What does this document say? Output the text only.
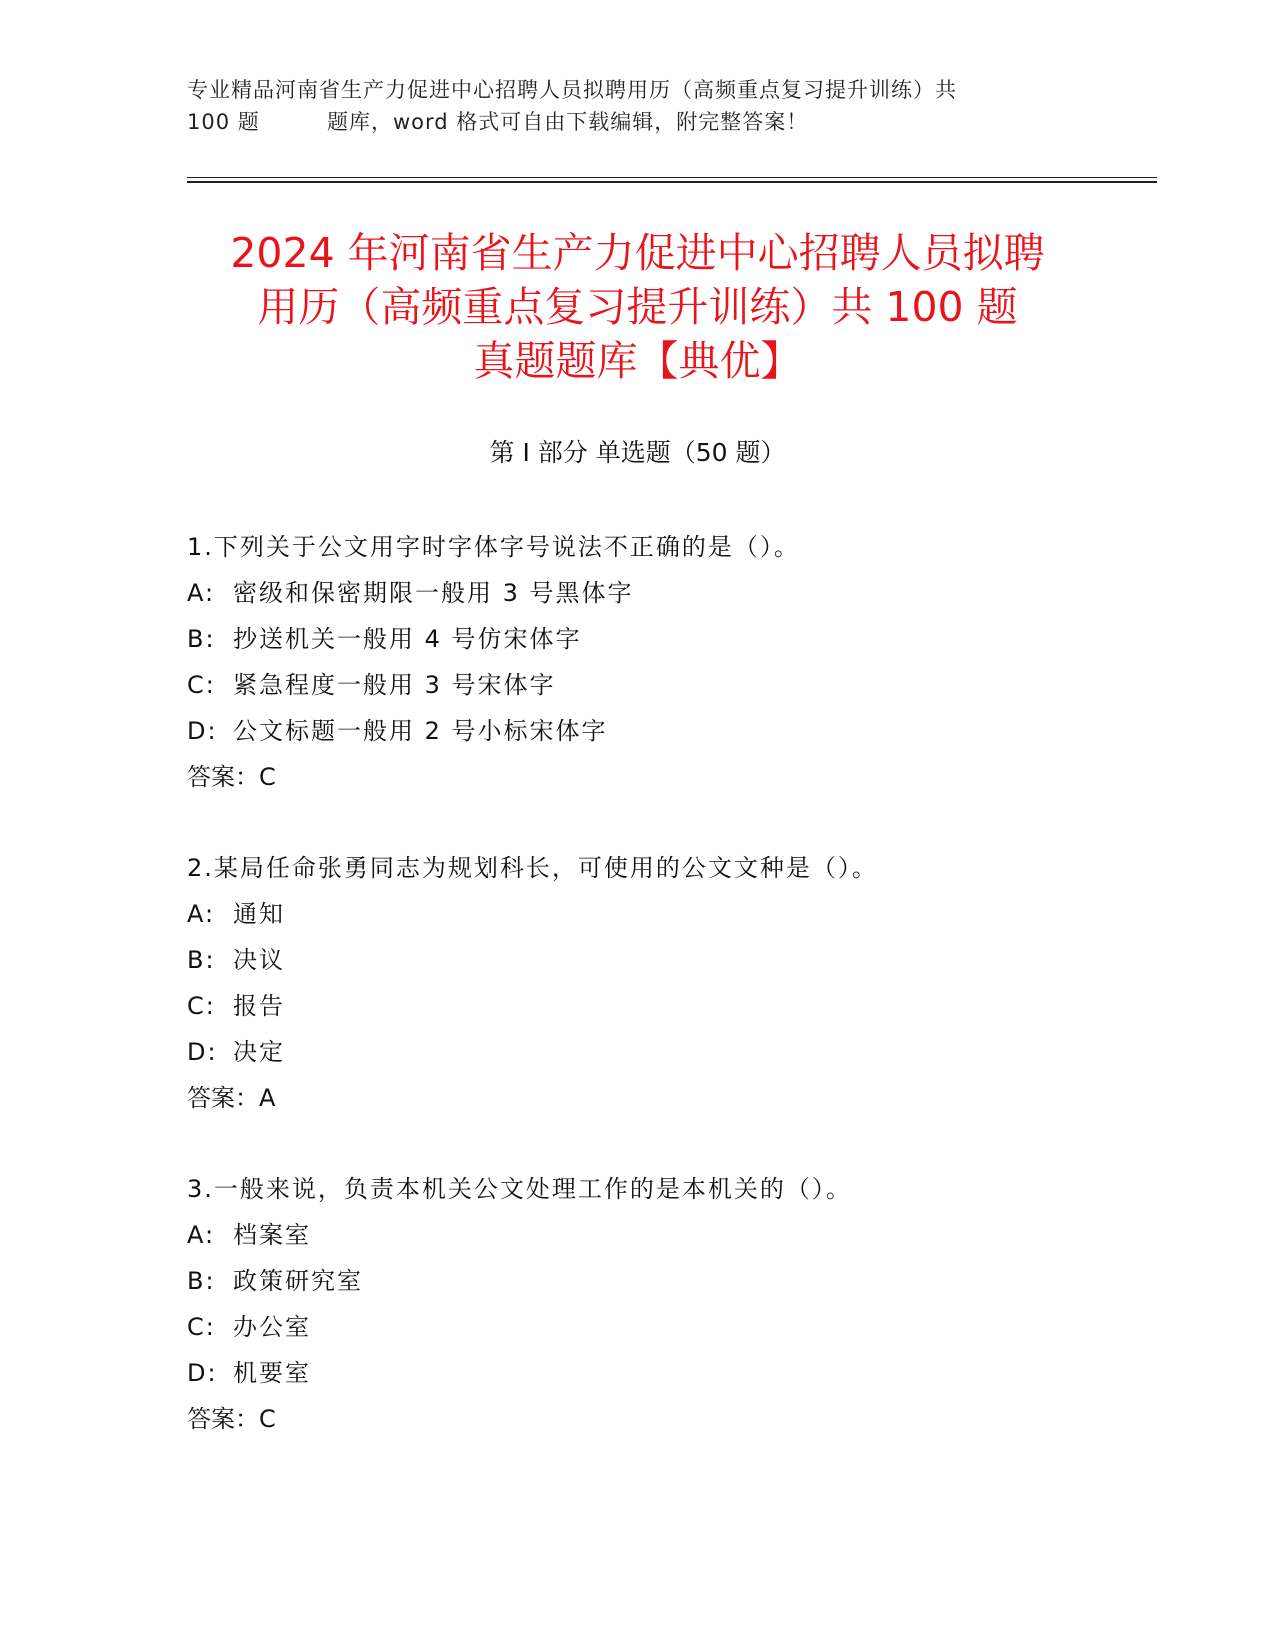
专业精品河南省生产力促进中心招聘人员拟聘用历（高频重点复习提升训练）共
100 题	题库，word 格式可自由下载编辑，附完整答案！
2024 年河南省生产力促进中心招聘人员拟聘
用历（高频重点复习提升训练）共 100 题
真题题库【典优】
第 I 部分 单选题（50 题）
1.下列关于公文用字时字体字号说法不正确的是（）。
A: 密级和保密期限一般用 3 号黑体字
B: 抄送机关一般用 4 号仿宋体字
C: 紧急程度一般用 3 号宋体字
D: 公文标题一般用 2 号小标宋体字
答案：C
2.某局任命张勇同志为规划科长，可使用的公文文种是（）。
A: 通知
B: 决议
C: 报告
D: 决定
答案：A
3.一般来说，负责本机关公文处理工作的是本机关的（）。
A: 档案室
B: 政策研究室
C: 办公室
D: 机要室
答案：C
